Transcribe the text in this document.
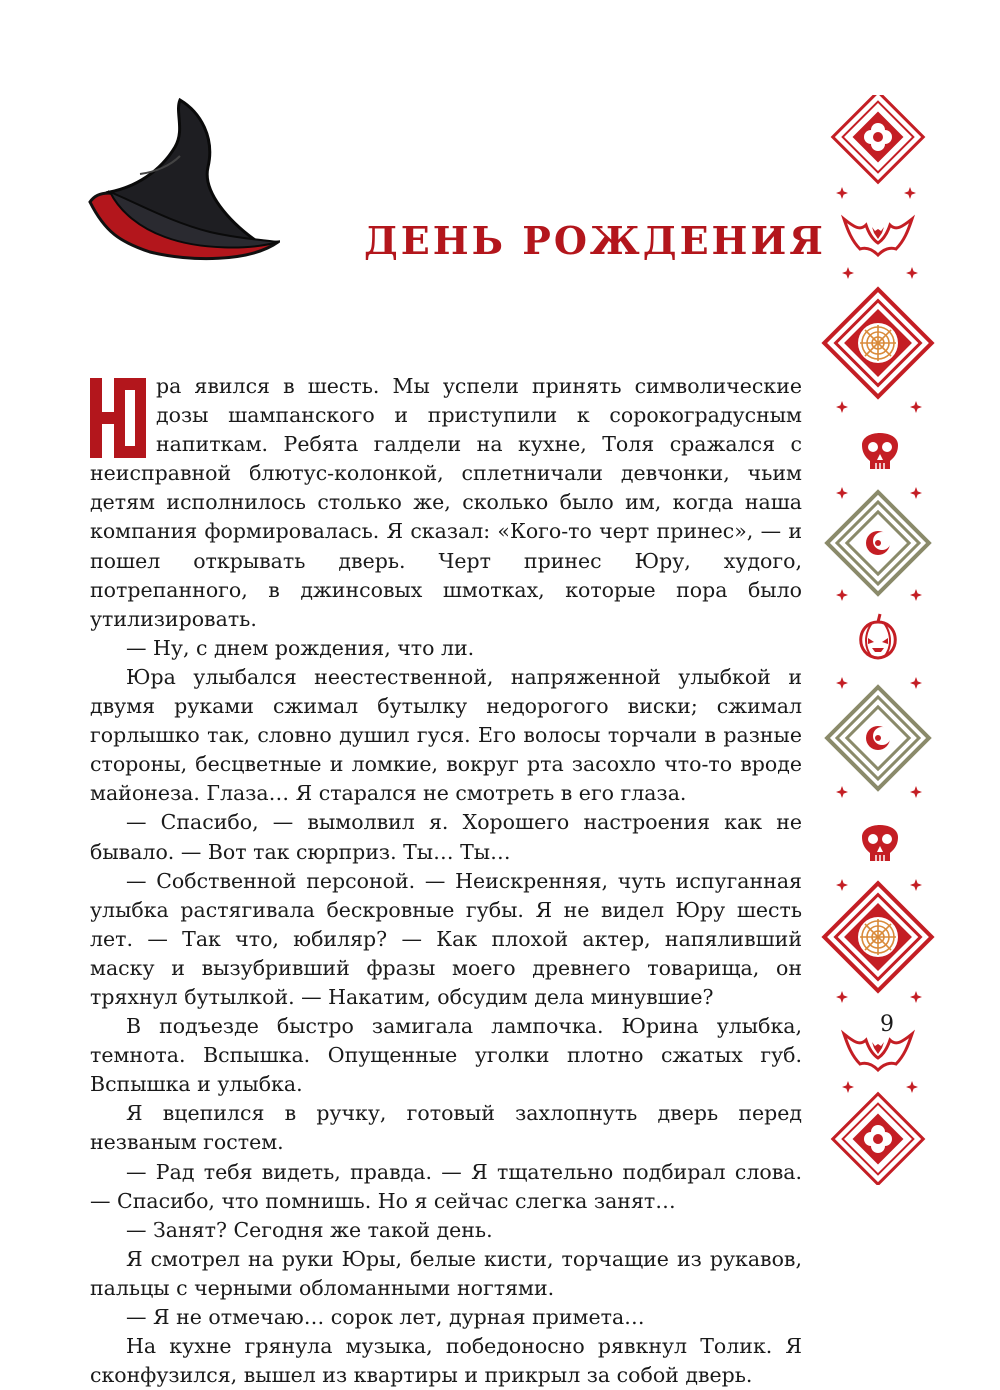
ДЕНЬ РОЖДЕНИЯ

ра явился в шесть. Мы успели принять символические дозы шампанского и приступили к сорокоградусным напиткам. Ребята галдели на кухне, Толя сражался с неисправной блютус-колонкой, сплетничали девчонки, чьим детям исполнилось столько же, сколько было им, когда наша компания формировалась. Я сказал: «Кого-то черт принес», — и пошел открывать дверь. Черт принес Юру, худого, потрепанного, в джинсовых шмотках, которые пора было утилизировать.

— Ну, с днем рождения, что ли.

Юра улыбался неестественной, напряженной улыбкой и двумя руками сжимал бутылку недорогого виски; сжимал горлышко так, словно душил гуся. Его волосы торчали в разные стороны, бесцветные и ломкие, вокруг рта засохло что-то вроде майонеза. Глаза… Я старался не смотреть в его глаза.

— Спасибо, — вымолвил я. Хорошего настроения как не бывало. — Вот так сюрприз. Ты… Ты…

— Собственной персоной. — Неискренняя, чуть испуганная улыбка растягивала бескровные губы. Я не видел Юру шесть лет. — Так что, юбиляр? — Как плохой актер, напяливший маску и вызубривший фразы моего древнего товарища, он тряхнул бутылкой. — Накатим, обсудим дела минувшие?

В подъезде быстро замигала лампочка. Юрина улыбка, темнота. Вспышка. Опущенные уголки плотно сжатых губ. Вспышка и улыбка.

Я вцепился в ручку, готовый захлопнуть дверь перед незваным гостем.

— Рад тебя видеть, правда. — Я тщательно подбирал слова. — Спасибо, что помнишь. Но я сейчас слегка занят…

— Занят? Сегодня же такой день.

Я смотрел на руки Юры, белые кисти, торчащие из рукавов, пальцы с черными обломанными ногтями.

— Я не отмечаю… сорок лет, дурная примета…

На кухне грянула музыка, победоносно рявкнул Толик. Я сконфузился, вышел из квартиры и прикрыл за собой дверь.

9
